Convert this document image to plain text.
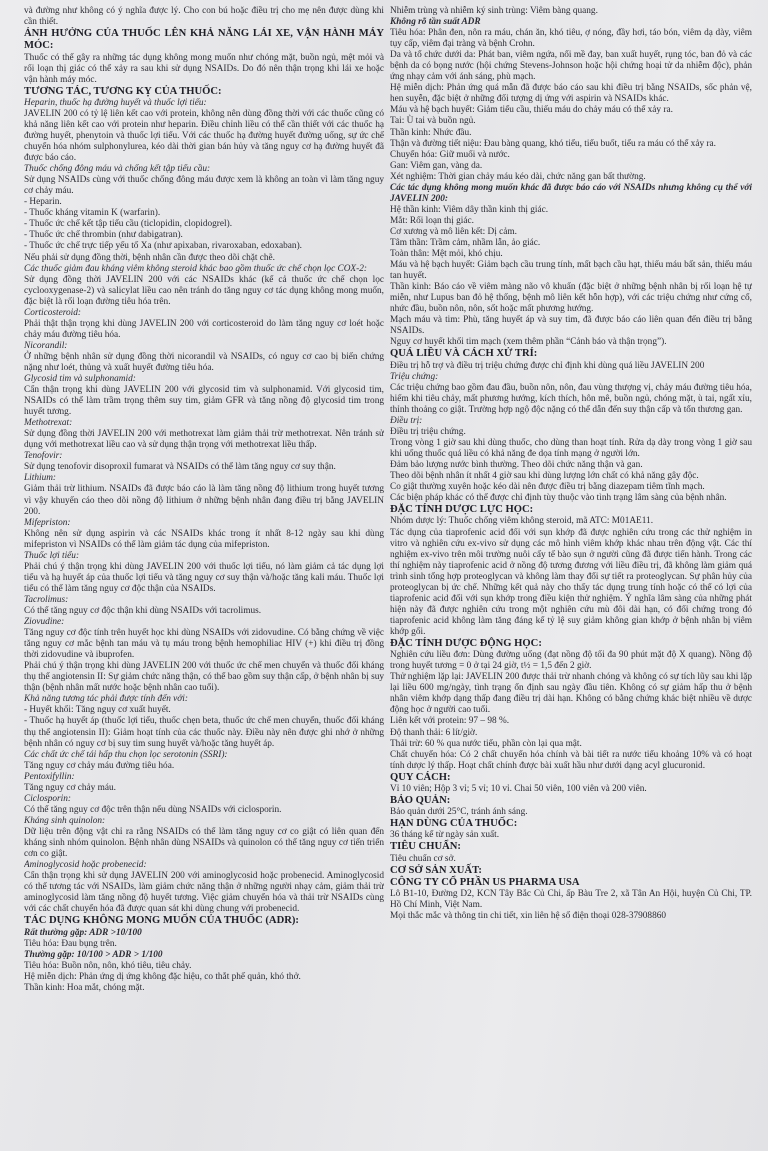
và đường như không có ý nghĩa được lý. Cho con bú hoặc điều trị cho mẹ nên được dùng khi cần thiết.

ẢNH HƯỞNG CỦA THUỐC LÊN KHẢ NĂNG LÁI XE, VẬN HÀNH MÁY MÓC:

Thuốc có thể gây ra những tác dụng không mong muốn như chóng mặt, buồn ngủ, mệt mỏi và rối loạn thị giác có thể xảy ra sau khi sử dụng NSAIDs. Do đó nên thận trọng khi lái xe hoặc vận hành máy móc.

TƯƠNG TÁC, TƯƠNG KỴ CỦA THUỐC:

Heparin, thuốc hạ đường huyết và thuốc lợi tiểu:

JAVELIN 200 có tỷ lệ liên kết cao với protein, không nên dùng đồng thời với các thuốc cũng có khả năng liên kết cao với protein như heparin. Điều chỉnh liều có thể cần thiết với các thuốc hạ đường huyết, phenytoin và thuốc lợi tiểu. Với các thuốc hạ đường huyết đường uống, sự ức chế chuyển hóa nhóm sulphonylurea, kéo dài thời gian bán hủy và tăng nguy cơ hạ đường huyết đã được báo cáo.

Thuốc chống đông máu và chống kết tập tiểu cầu:

Sử dụng NSAIDs cùng với thuốc chống đông máu được xem là không an toàn vì làm tăng nguy cơ chảy máu.

- Heparin.

- Thuốc kháng vitamin K (warfarin).

- Thuốc ức chế kết tập tiểu cầu (ticlopidin, clopidogrel).

- Thuốc ức chế thrombin (như dabigatran).

- Thuốc ức chế trực tiếp yếu tố Xa (như apixaban, rivaroxaban, edoxaban).

Nếu phải sử dụng đồng thời, bệnh nhân cần được theo dõi chặt chẽ.

Các thuốc giảm đau kháng viêm không steroid khác bao gồm thuốc ức chế chọn lọc COX-2:

Sử dụng đồng thời JAVELIN 200 với các NSAIDs khác (kể cả thuốc ức chế chọn lọc cyclooxygenase-2) và salicylat liều cao nên tránh do tăng nguy cơ tác dụng không mong muốn, đặc biệt là rối loạn đường tiêu hóa trên.

Corticosteroid:

Phải thật thận trọng khi dùng JAVELIN 200 với corticosteroid do làm tăng nguy cơ loét hoặc chảy máu đường tiêu hóa.

Nicorandil:

Ở những bệnh nhân sử dụng đồng thời nicorandil và NSAIDs, có nguy cơ cao bị biến chứng nặng như loét, thủng và xuất huyết đường tiêu hóa.

Glycosid tim và sulphonamid:

Cẩn thận trọng khi dùng JAVELIN 200 với glycosid tim và sulphonamid. Với glycosid tim, NSAIDs có thể làm trầm trọng thêm suy tim, giảm GFR và tăng nồng độ glycosid tim trong huyết tương.

Methotrexat:

Sử dụng đồng thời JAVELIN 200 với methotrexat làm giảm thải trừ methotrexat. Nên tránh sử dụng với methotrexat liều cao và sử dụng thận trọng với methotrexat liều thấp.

Tenofovir:

Sử dụng tenofovir disoproxil fumarat và NSAIDs có thể làm tăng nguy cơ suy thận.

Lithium:

Giảm thải trừ lithium. NSAIDs đã được báo cáo là làm tăng nồng độ lithium trong huyết tương vì vậy khuyến cáo theo dõi nồng độ lithium ở những bệnh nhân đang điều trị bằng JAVELIN 200.

Mifepriston:

Không nên sử dụng aspirin và các NSAIDs khác trong ít nhất 8-12 ngày sau khi dùng mifepriston vì NSAIDs có thể làm giảm tác dụng của mifepriston.

Thuốc lợi tiểu:

Phải chú ý thận trọng khi dùng JAVELIN 200 với thuốc lợi tiểu, nó làm giảm cả tác dụng lợi tiểu và hạ huyết áp của thuốc lợi tiểu và tăng nguy cơ suy thận và/hoặc tăng kali máu. Thuốc lợi tiểu có thể làm tăng nguy cơ độc thận của NSAIDs.

Tacrolimus:

Có thể tăng nguy cơ độc thận khi dùng NSAIDs với tacrolimus.

Ziovudine:

Tăng nguy cơ độc tính trên huyết học khi dùng NSAIDs với zidovudine. Có bằng chứng về việc tăng nguy cơ mắc bệnh tan máu và tụ máu trong bệnh hemophiliac HIV (+) khi điều trị đồng thời zidovudine và ibuprofen.

Phải chú ý thận trọng khi dùng JAVELIN 200 với thuốc ức chế men chuyển và thuốc đối kháng thụ thể angiotensin II: Sự giảm chức năng thận, có thể bao gồm suy thận cấp, ở bệnh nhân bị suy thận (bệnh nhân mất nước hoặc bệnh nhân cao tuổi).

Khả năng tương tác phải được tính đến với:

- Huyết khối: Tăng nguy cơ xuất huyết.

- Thuốc hạ huyết áp (thuốc lợi tiểu, thuốc chẹn beta, thuốc ức chế men chuyển, thuốc đối kháng thụ thể angiotensin II): Giảm hoạt tính của các thuốc này. Điều này nên được ghi nhớ ở những bệnh nhân có nguy cơ bị suy tim sung huyết và/hoặc tăng huyết áp.

Các chất ức chế tái hấp thu chọn lọc serotonin (SSRI):

Tăng nguy cơ chảy máu đường tiêu hóa.

Pentoxifyllin:

Tăng nguy cơ chảy máu.

Ciclosporin:

Có thể tăng nguy cơ độc trên thận nếu dùng NSAIDs với ciclosporin.

Kháng sinh quinolon:

Dữ liệu trên động vật chỉ ra rằng NSAIDs có thể làm tăng nguy cơ co giật có liên quan đến kháng sinh nhóm quinolon. Bệnh nhân dùng NSAIDs và quinolon có thể tăng nguy cơ tiến triển cơn co giật.

Aminoglycosid hoặc probenecid:

Cẩn thận trọng khi sử dụng JAVELIN 200 với aminoglycosid hoặc probenecid. Aminoglycosid có thể tương tác với NSAIDs, làm giảm chức năng thận ở những người nhạy cảm, giảm thải trừ aminoglycosid làm tăng nồng độ huyết tương. Việc giảm chuyển hóa và thải trừ NSAIDs cùng với các chất chuyển hóa đã được quan sát khi dùng chung với probenecid.

TÁC DỤNG KHÔNG MONG MUỐN CỦA THUỐC (ADR):

Rất thường gặp: ADR >10/100

Tiêu hóa: Đau bụng trên.

Thường gặp: 10/100 > ADR > 1/100

Tiêu hóa: Buồn nôn, nôn, khó tiêu, tiêu chảy.

Hệ miễn dịch: Phản ứng dị ứng không đặc hiệu, co thắt phế quản, khó thở.

Thần kinh: Hoa mắt, chóng mặt.

Nhiễm trùng và nhiễm ký sinh trùng: Viêm bàng quang.

Không rõ tần suất ADR

Tiêu hóa: Phân đen, nôn ra máu, chán ăn, khó tiêu, ợ nóng, đầy hơi, táo bón, viêm dạ dày, viêm tụy cấp, viêm đại tràng và bệnh Crohn.

Da và tổ chức dưới da: Phát ban, viêm ngứa, nổi mề đay, ban xuất huyết, rụng tóc, ban đỏ và các bệnh da có bọng nước (hội chứng Stevens-Johnson hoặc hội chứng hoại tử da nhiễm độc), phản ứng nhạy cảm với ánh sáng, phù mạch.

Hệ miễn dịch: Phản ứng quá mẫn đã được báo cáo sau khi điều trị bằng NSAIDs, sốc phản vệ, hen suyễn, đặc biệt ở những đối tượng dị ứng với aspirin và NSAIDs khác.

Máu và hệ bạch huyết: Giảm tiểu cầu, thiếu máu do chảy máu có thể xảy ra.

Tai: Ù tai và buồn ngủ.

Thần kinh: Nhức đầu.

Thận và đường tiết niệu: Đau bàng quang, khó tiểu, tiểu buốt, tiểu ra máu có thể xảy ra.

Chuyển hóa: Giữ muối và nước.

Gan: Viêm gan, vàng da.

Xét nghiệm: Thời gian chảy máu kéo dài, chức năng gan bất thường.

Các tác dụng không mong muốn khác đã được báo cáo với NSAIDs nhưng không cụ thể với JAVELIN 200:

Hệ thần kinh: Viêm dây thần kinh thị giác.

Mắt: Rối loạn thị giác.

Cơ xương và mô liên kết: Dị cảm.

Tâm thần: Trầm cảm, nhầm lẫn, ảo giác.

Toàn thân: Mệt mỏi, khó chịu.

Máu và hệ bạch huyết: Giảm bạch cầu trung tính, mất bạch cầu hạt, thiếu máu bất sản, thiếu máu tan huyết.

Thần kinh: Báo cáo về viêm màng não vô khuẩn (đặc biệt ở những bệnh nhân bị rối loạn hệ tự miễn, như Lupus ban đỏ hệ thống, bệnh mô liên kết hỗn hợp), với các triệu chứng như cứng cổ, nhức đầu, buồn nôn, nôn, sốt hoặc mất phương hướng.

Mạch máu và tim: Phù, tăng huyết áp và suy tim, đã được báo cáo liên quan đến điều trị bằng NSAIDs.

Nguy cơ huyết khối tim mạch (xem thêm phần “Cảnh báo và thận trọng”).

QUÁ LIỀU VÀ CÁCH XỬ TRÍ:

Điều trị hỗ trợ và điều trị triệu chứng được chỉ định khi dùng quá liều JAVELIN 200

Triệu chứng:

Các triệu chứng bao gồm đau đầu, buồn nôn, nôn, đau vùng thượng vị, chảy máu đường tiêu hóa, hiếm khi tiêu chảy, mất phương hướng, kích thích, hôn mê, buồn ngủ, chóng mặt, ù tai, ngất xỉu, thỉnh thoảng co giật. Trường hợp ngộ độc nặng có thể dẫn đến suy thận cấp và tổn thương gan.

Điều trị:

Điều trị triệu chứng.

Trong vòng 1 giờ sau khi dùng thuốc, cho dùng than hoạt tính. Rửa dạ dày trong vòng 1 giờ sau khi uống thuốc quá liều có khả năng đe dọa tính mạng ở người lớn.

Đảm bảo lượng nước bình thường. Theo dõi chức năng thận và gan.

Theo dõi bệnh nhân ít nhất 4 giờ sau khi dùng lượng lớn chất có khả năng gây độc.

Co giật thường xuyên hoặc kéo dài nên được điều trị bằng diazepam tiêm tĩnh mạch.

Các biện pháp khác có thể được chỉ định tùy thuộc vào tình trạng lâm sàng của bệnh nhân.

ĐẶC TÍNH DƯỢC LỰC HỌC:

Nhóm dược lý: Thuốc chống viêm không steroid, mã ATC: M01AE11.

Tác dụng của tiaprofenic acid đối với sụn khớp đã được nghiên cứu trong các thử nghiệm in vitro và nghiên cứu ex-vivo sử dụng các mô hình viêm khớp khác nhau trên động vật. Các thí nghiệm ex-vivo trên môi trường nuôi cấy tế bào sụn ở người cũng đã được tiến hành. Trong các thí nghiệm này tiaprofenic acid ở nồng độ tương đương với liều điều trị, đã không làm giảm quá trình sinh tổng hợp proteoglycan và không làm thay đổi sự tiết ra proteoglycan. Sự phân hủy của proteoglycan bị ức chế. Những kết quả này cho thấy tác dụng trung tính hoặc có thể có lợi của tiaprofenic acid đối với sụn khớp trong điều kiện thử nghiệm. Ý nghĩa lâm sàng của những phát hiện này đã được nghiên cứu trong một nghiên cứu mù đôi dài hạn, có đối chứng trong đó tiaprofenic acid không làm tăng đáng kể tỷ lệ suy giảm không gian khớp ở bệnh nhân bị viêm khớp gối.

ĐẶC TÍNH DƯỢC ĐỘNG HỌC:

Nghiên cứu liều đơn: Dùng đường uống (đạt nồng độ tối đa 90 phút mặt độ X quang). Nồng độ trong huyết tương = 0 ở tại 24 giờ, t½ = 1,5 đến 2 giờ.

Thử nghiệm lặp lại: JAVELIN 200 được thải trừ nhanh chóng và không có sự tích lũy sau khi lặp lại liều 600 mg/ngày, tình trạng ổn định sau ngày đầu tiên. Không có sự giảm hấp thu ở bệnh nhân viêm khớp dạng thấp đang điều trị dài hạn. Không có bằng chứng khác biệt nhiều về dược động học ở người cao tuổi.

Liên kết với protein: 97 – 98 %.

Độ thanh thải: 6 lít/giờ.

Thải trừ: 60 % qua nước tiểu, phần còn lại qua mật.

Chất chuyển hóa: Có 2 chất chuyển hóa chính và bài tiết ra nước tiểu khoảng 10% và có hoạt tính dược lý thấp. Hoạt chất chính được bài xuất hầu như dưới dạng acyl glucuronid.

QUY CÁCH:

Vỉ 10 viên; Hộp 3 vỉ; 5 vỉ; 10 vỉ. Chai 50 viên, 100 viên và 200 viên.

BẢO QUẢN:

Bảo quản dưới 25°C, tránh ánh sáng.

HẠN DÙNG CỦA THUỐC:

36 tháng kể từ ngày sản xuất.

TIÊU CHUẨN:

Tiêu chuẩn cơ sở.

CƠ SỞ SẢN XUẤT:

CÔNG TY CỔ PHẦN US PHARMA USA

Lô B1-10, Đường D2, KCN Tây Bắc Củ Chi, ấp Bàu Tre 2, xã Tân An Hội, huyện Củ Chi, TP. Hồ Chí Minh, Việt Nam.

Mọi thắc mắc và thông tin chi tiết, xin liên hệ số điện thoại 028-37908860
